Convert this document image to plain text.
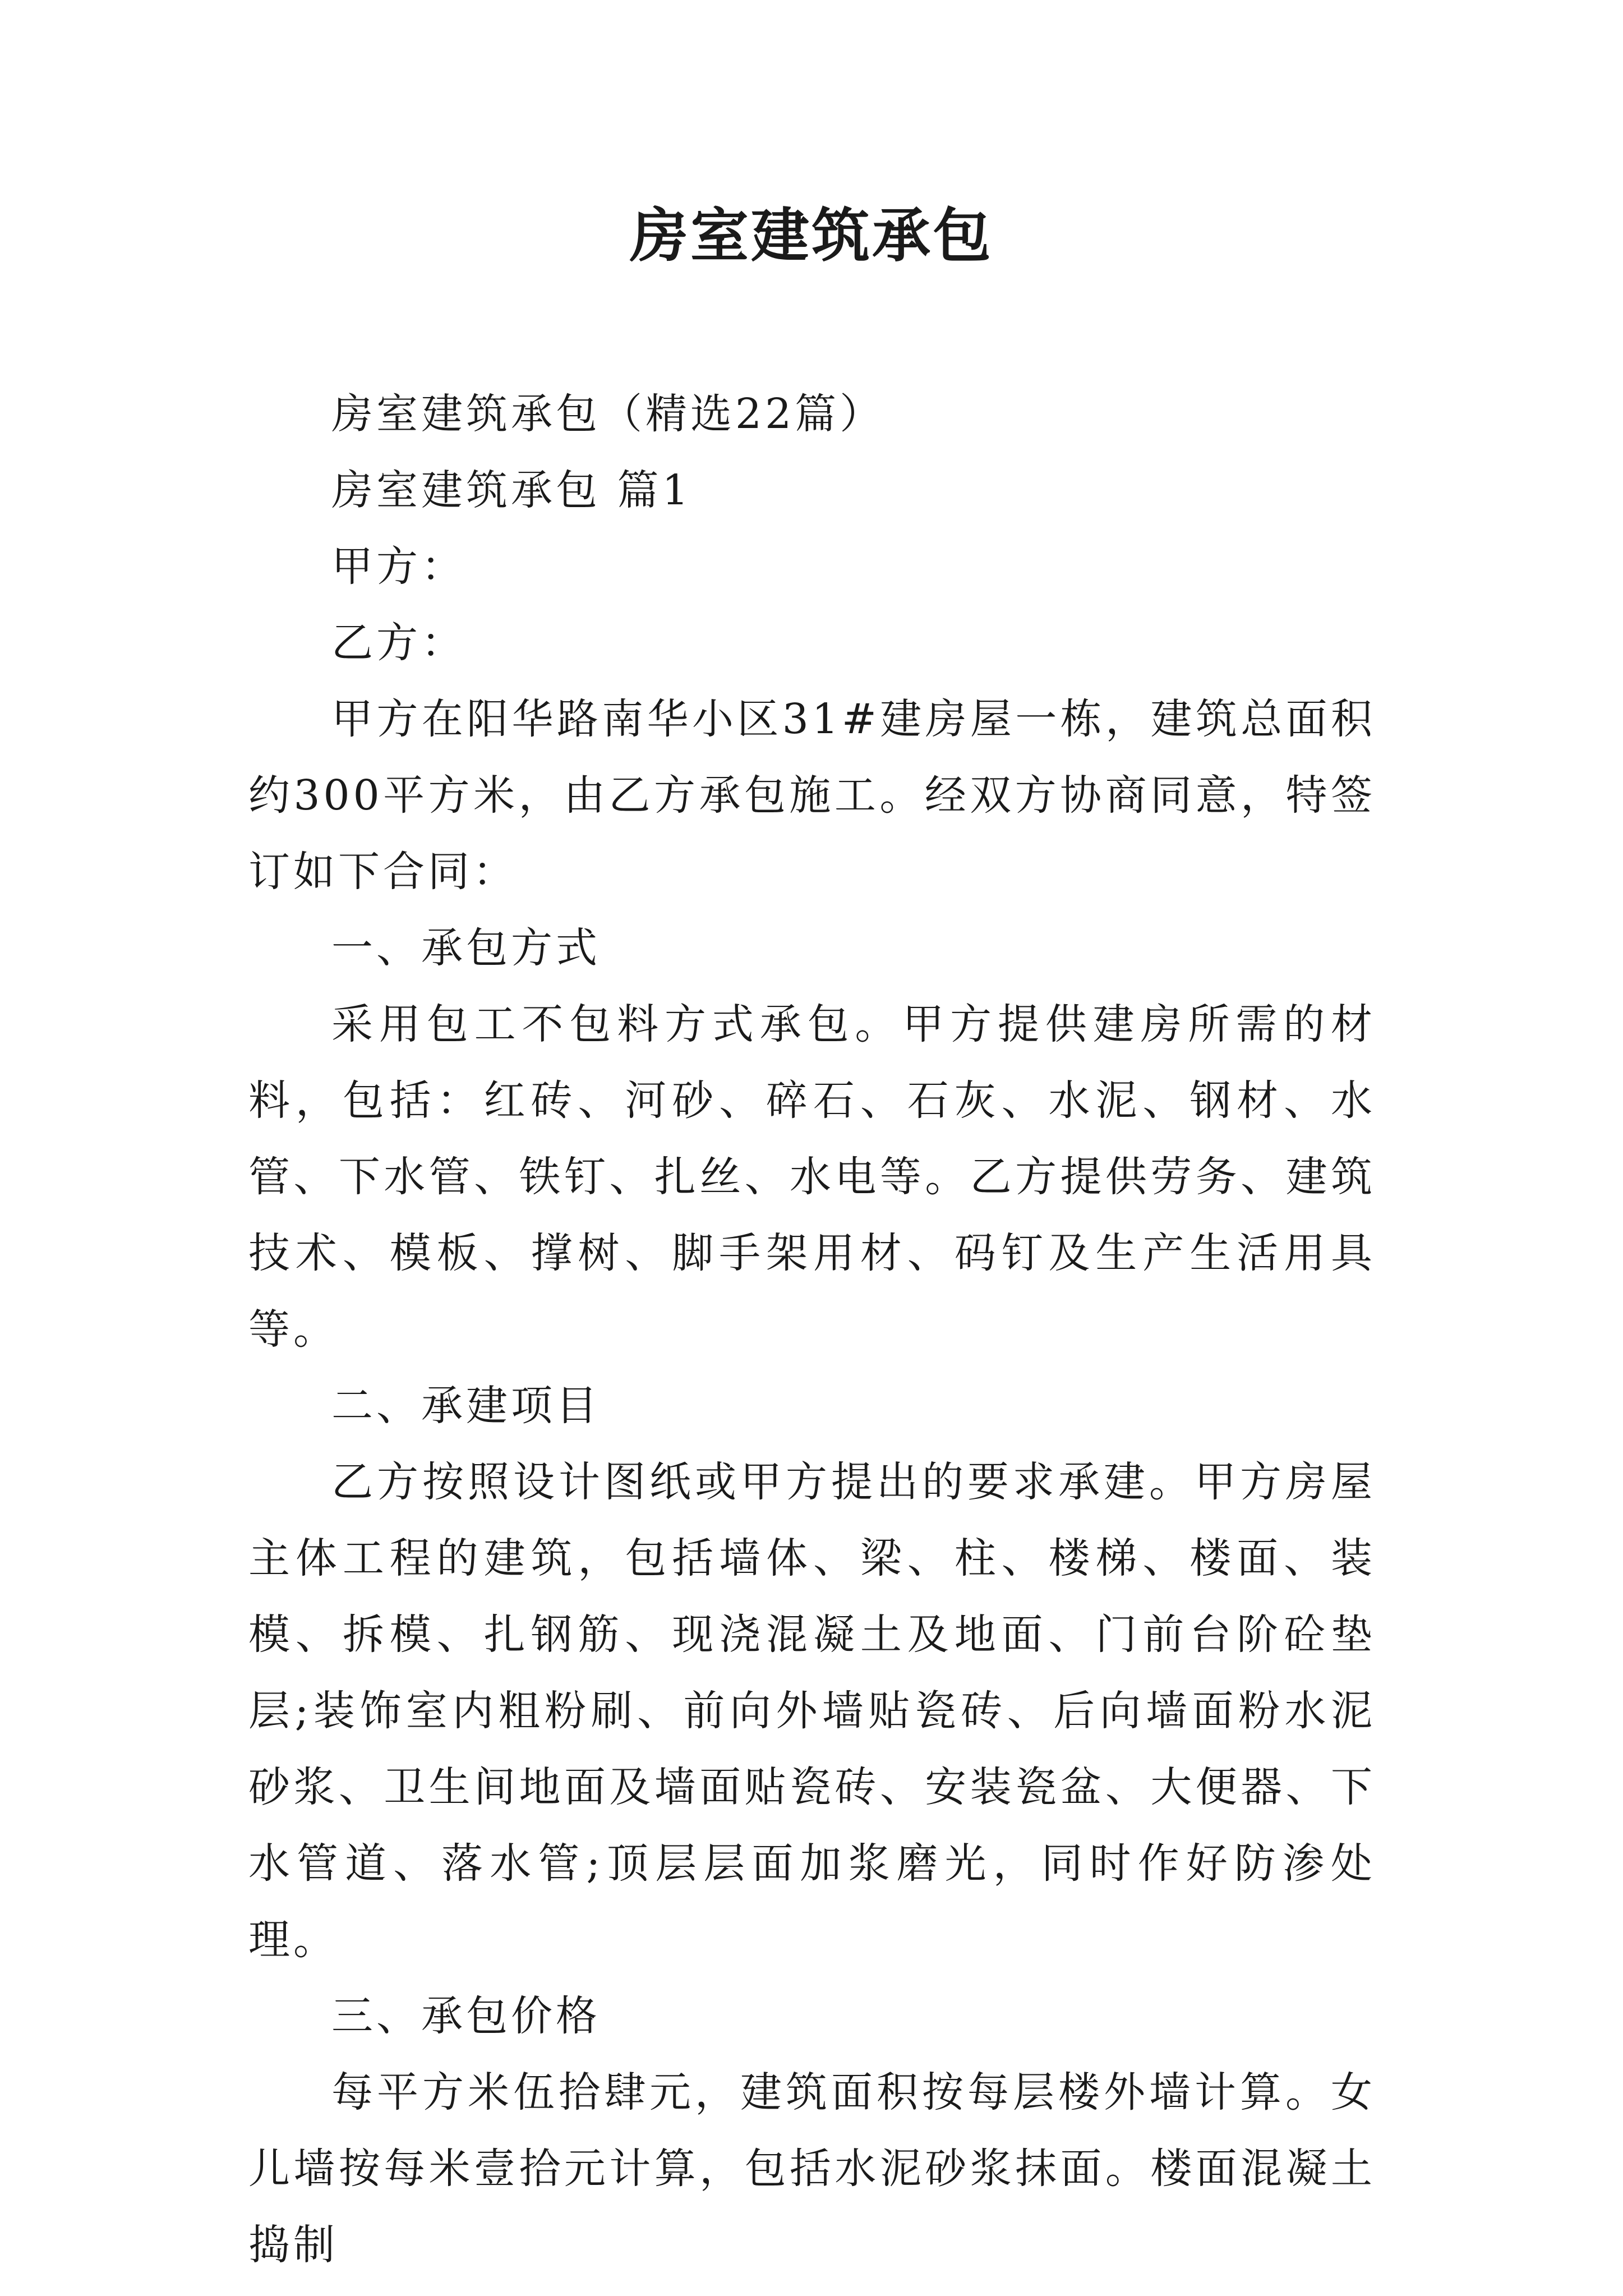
房室建筑承包

房室建筑承包（精选22篇）

房室建筑承包 篇1

甲方：

乙方：

甲方在阳华路南华小区31#建房屋一栋，建筑总面积约300平方米，由乙方承包施工。经双方协商同意，特签订如下合同：

一、承包方式

采用包工不包料方式承包。甲方提供建房所需的材料，包括：红砖、河砂、碎石、石灰、水泥、钢材、水管、下水管、铁钉、扎丝、水电等。乙方提供劳务、建筑技术、模板、撑树、脚手架用材、码钉及生产生活用具等。

二、承建项目

乙方按照设计图纸或甲方提出的要求承建。甲方房屋主体工程的建筑，包括墙体、梁、柱、楼梯、楼面、装模、拆模、扎钢筋、现浇混凝土及地面、门前台阶砼垫层;装饰室内粗粉刷、前向外墙贴瓷砖、后向墙面粉水泥砂浆、卫生间地面及墙面贴瓷砖、安装瓷盆、大便器、下水管道、落水管;顶层层面加浆磨光，同时作好防渗处理。

三、承包价格

每平方米伍拾肆元，建筑面积按每层楼外墙计算。女儿墙按每米壹拾元计算，包括水泥砂浆抹面。楼面混凝土捣制
